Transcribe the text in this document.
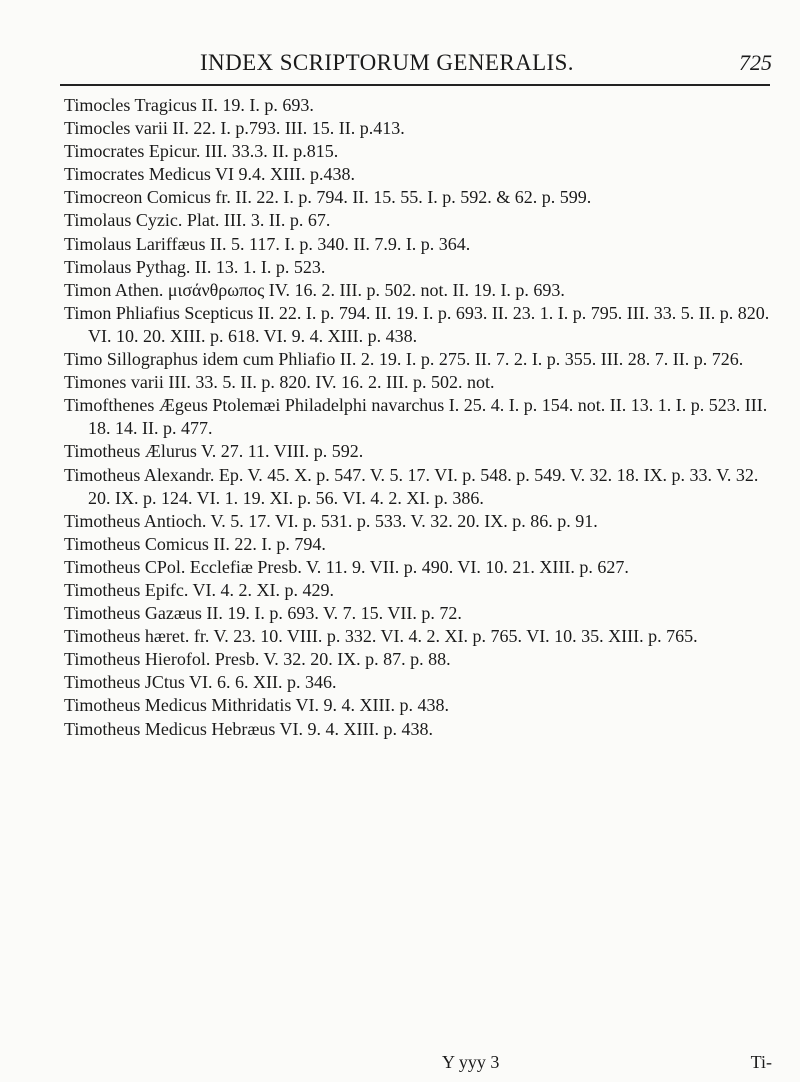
INDEX SCRIPTORUM GENERALIS.	725
Timocles Tragicus II. 19. I. p. 693.
Timocles varii II. 22. I. p.793. III. 15. II. p.413.
Timocrates Epicur. III. 33.3. II. p.815.
Timocrates Medicus VI 9.4. XIII. p.438.
Timocreon Comicus fr. II. 22. I. p. 794. II. 15. 55. I. p. 592. & 62. p. 599.
Timolaus Cyzic. Plat. III. 3. II. p. 67.
Timolaus Lariffæus II. 5. 117. I. p. 340. II. 7.9. I. p. 364.
Timolaus Pythag. II. 13. 1. I. p. 523.
Timon Athen. μισάνθρωπος IV. 16. 2. III. p. 502. not. II. 19. I. p. 693.
Timon Phliafius Scepticus II. 22. I. p. 794. II. 19. I. p. 693. II. 23. 1. I. p. 795. III. 33. 5. II. p. 820. VI. 10. 20. XIII. p. 618. VI. 9. 4. XIII. p. 438.
Timo Sillographus idem cum Phliafio II. 2. 19. I. p. 275. II. 7. 2. I. p. 355. III. 28. 7. II. p. 726.
Timones varii III. 33. 5. II. p. 820. IV. 16. 2. III. p. 502. not.
Timofthenes Ægeus Ptolemæi Philadelphi navarchus I. 25. 4. I. p. 154. not. II. 13. 1. I. p. 523. III. 18. 14. II. p. 477.
Timotheus Ælurus V. 27. 11. VIII. p. 592.
Timotheus Alexandr. Ep. V. 45. X. p. 547. V. 5. 17. VI. p. 548. p. 549. V. 32. 18. IX. p. 33. V. 32. 20. IX. p. 124. VI. 1. 19. XI. p. 56. VI. 4. 2. XI. p. 386.
Timotheus Antioch. V. 5. 17. VI. p. 531. p. 533. V. 32. 20. IX. p. 86. p. 91.
Timotheus Comicus II. 22. I. p. 794.
Timotheus CPol. Ecclefiæ Presb. V. 11. 9. VII. p. 490. VI. 10. 21. XIII. p. 627.
Timotheus Epifc. VI. 4. 2. XI. p. 429.
Timotheus Gazæus II. 19. I. p. 693. V. 7. 15. VII. p. 72.
Timotheus hæret. fr. V. 23. 10. VIII. p. 332. VI. 4. 2. XI. p. 765. VI. 10. 35. XIII. p. 765.
Timotheus Hierofol. Presb. V. 32. 20. IX. p. 87. p. 88.
Timotheus JCtus VI. 6. 6. XII. p. 346.
Timotheus Medicus Mithridatis VI. 9. 4. XIII. p. 438.
Timotheus Medicus Hebræus VI. 9. 4. XIII. p. 438.
Y yyy 3	Ti-
